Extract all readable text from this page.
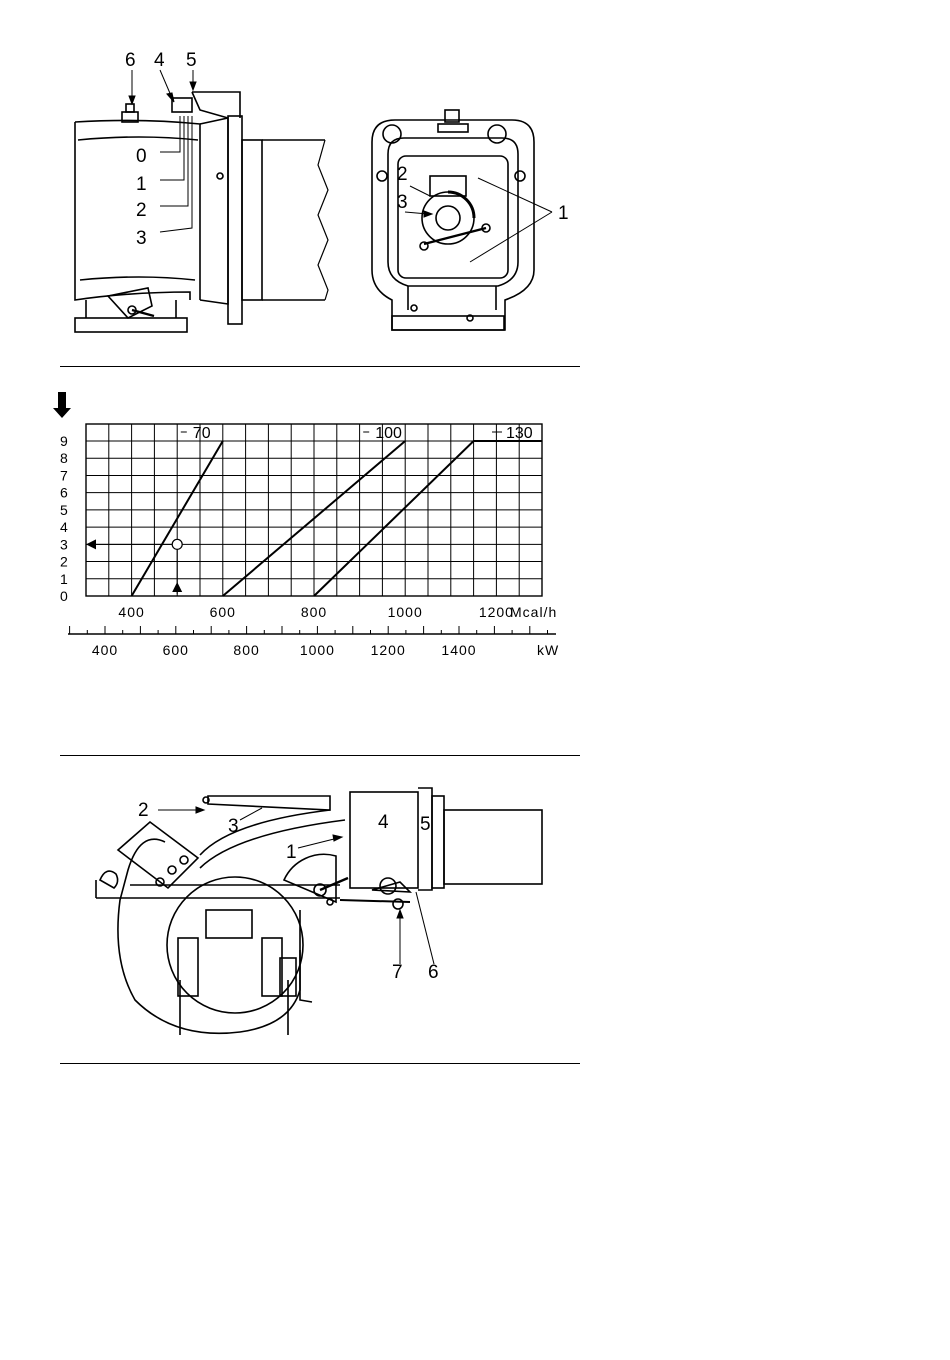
6 4 5
0
1
2
3
2
3
1
0
1
2
3
4
5
6
7
8
9
400	600	800	1000	1200
70	100	130
Mcal/h
400	600	800	1000	1200	1400	kW
2
3	4 5
1
7 6
